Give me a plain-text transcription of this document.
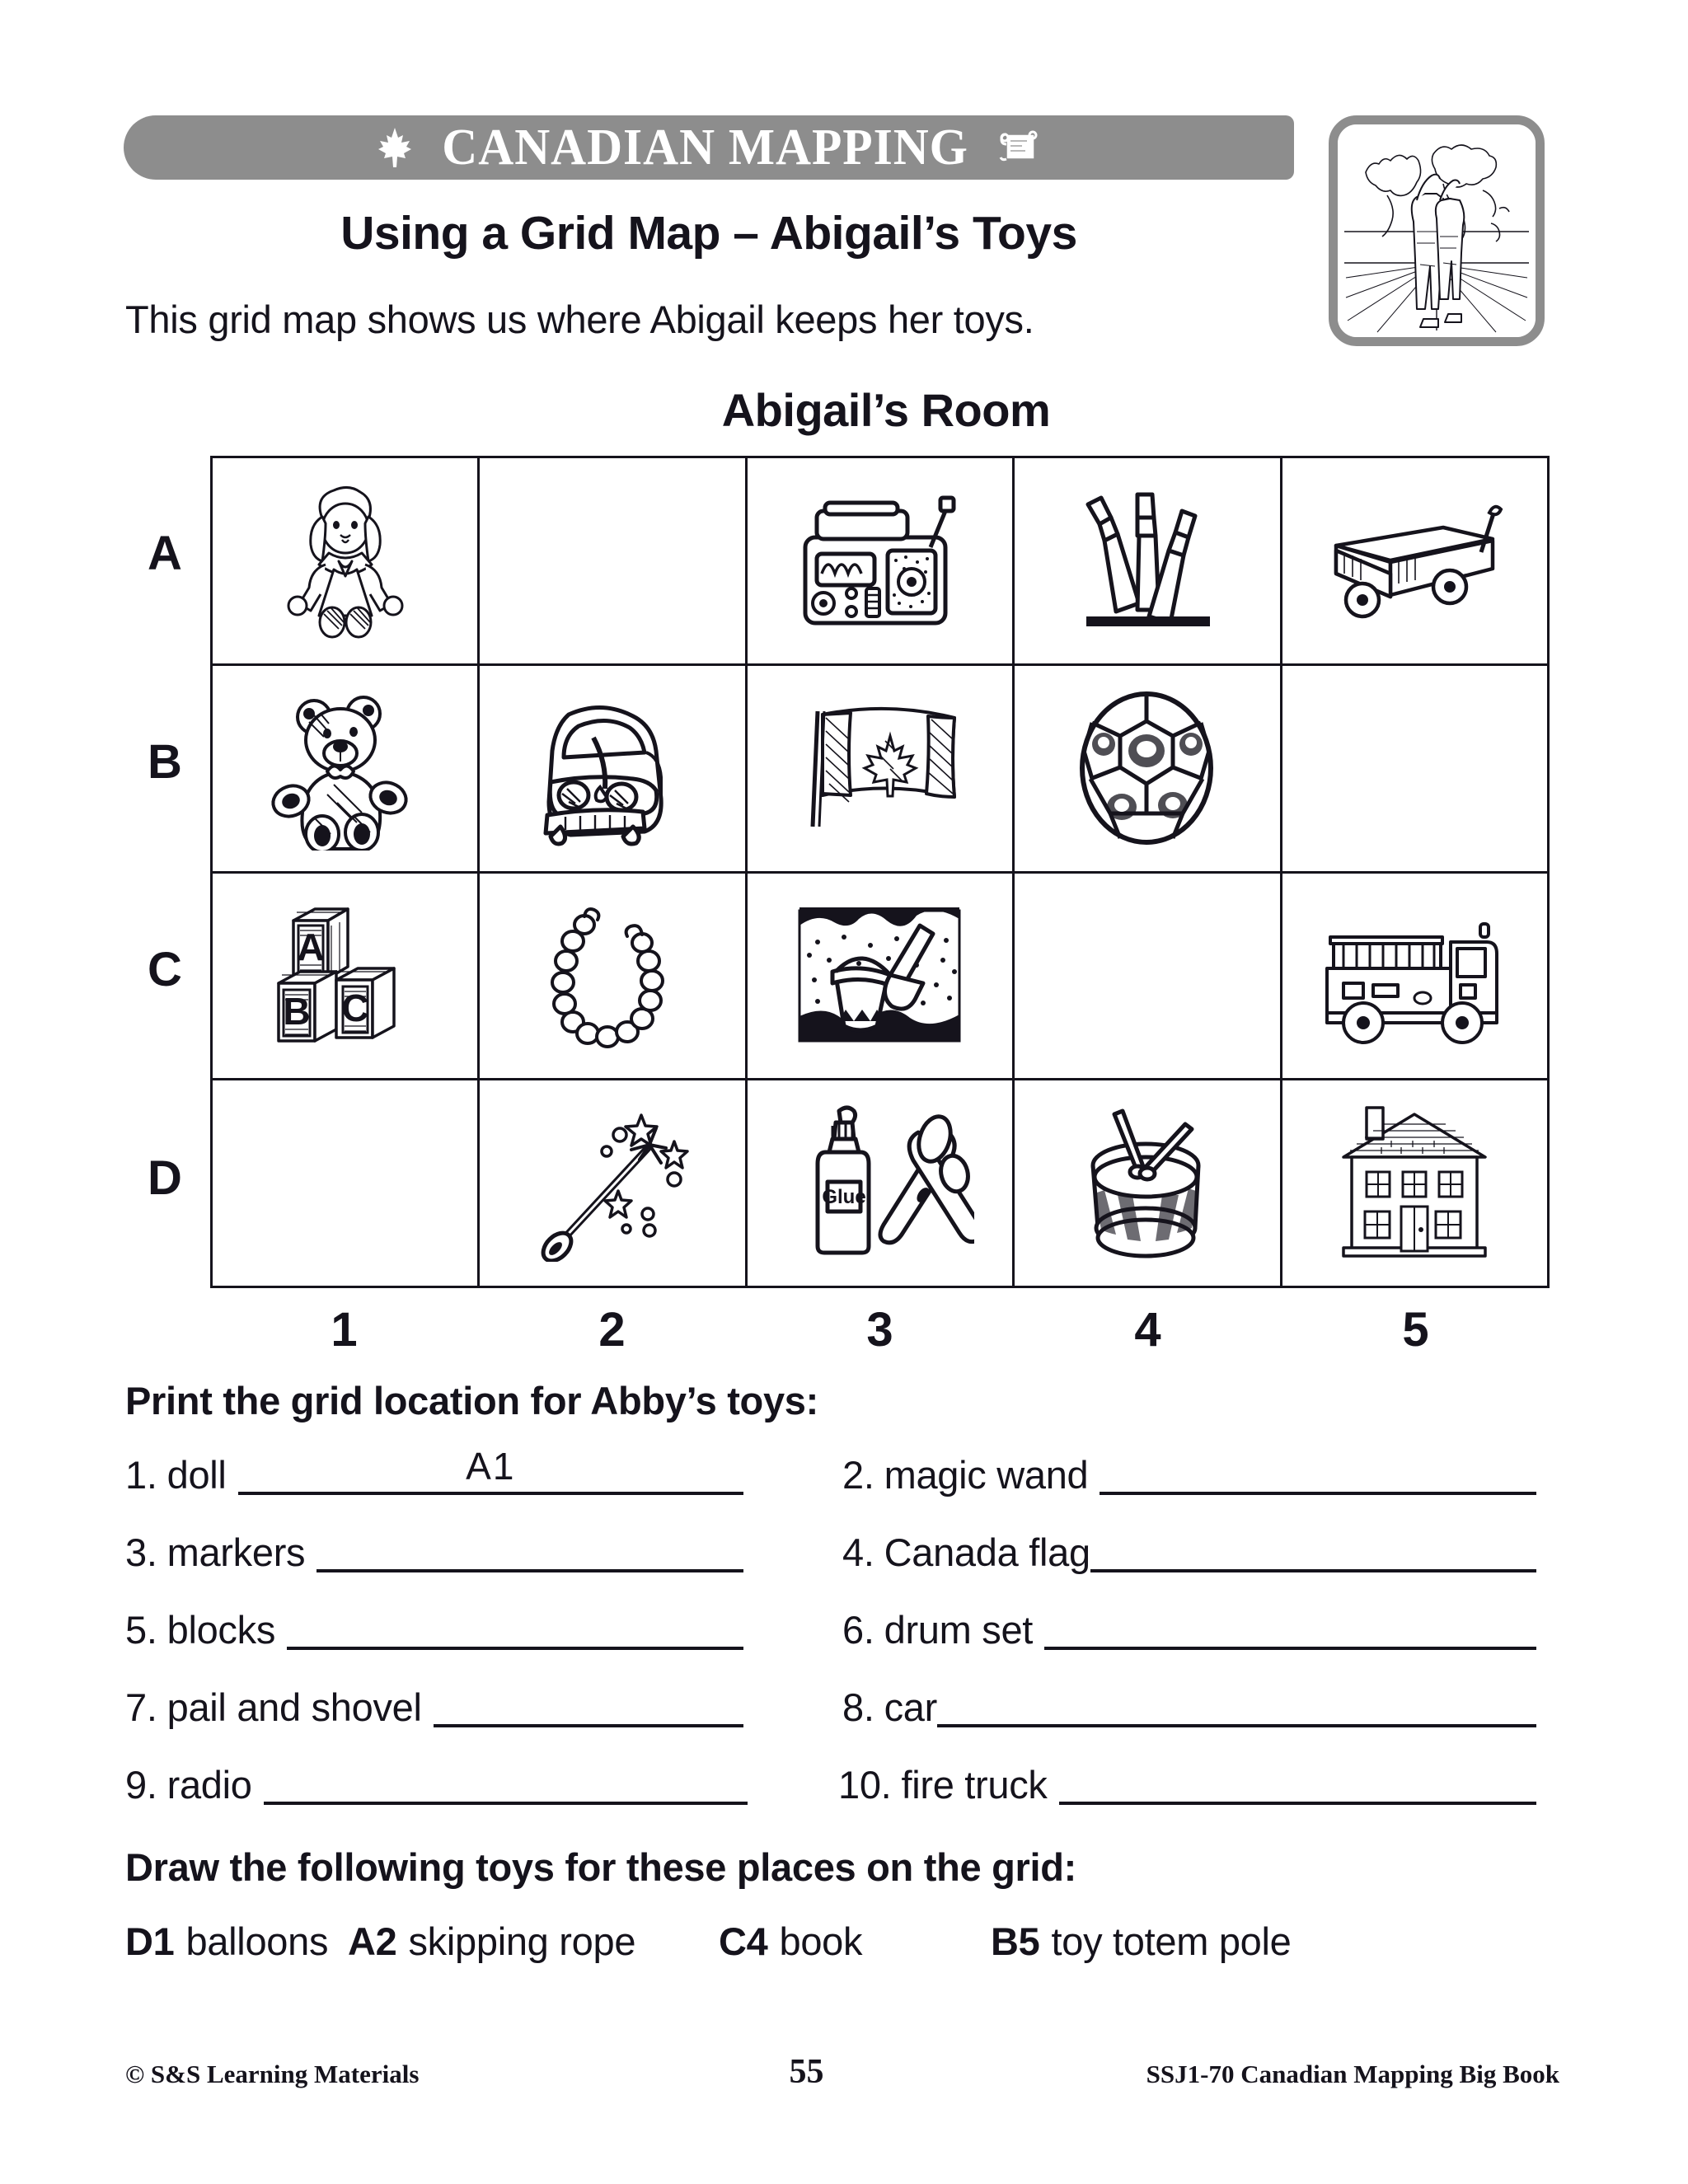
CANADIAN MAPPING
Using a Grid Map – Abigail’s Toys
This grid map shows us where Abigail keeps her toys.
Abigail’s Room
A
B
C
D

A
B C

Glue

1	2	3	4	5
Print the grid location for Abby’s toys:
1. doll	A1	2. magic wand
3. markers	4. Canada flag
5. blocks	6. drum set
7. pail and shovel	8. car
9. radio	10. fire truck
Draw the following toys for these places on the grid:
D1 balloons A2 skipping rope	C4 book	B5 toy totem pole
© S&S Learning Materials	55	SSJ1-70 Canadian Mapping Big Book
